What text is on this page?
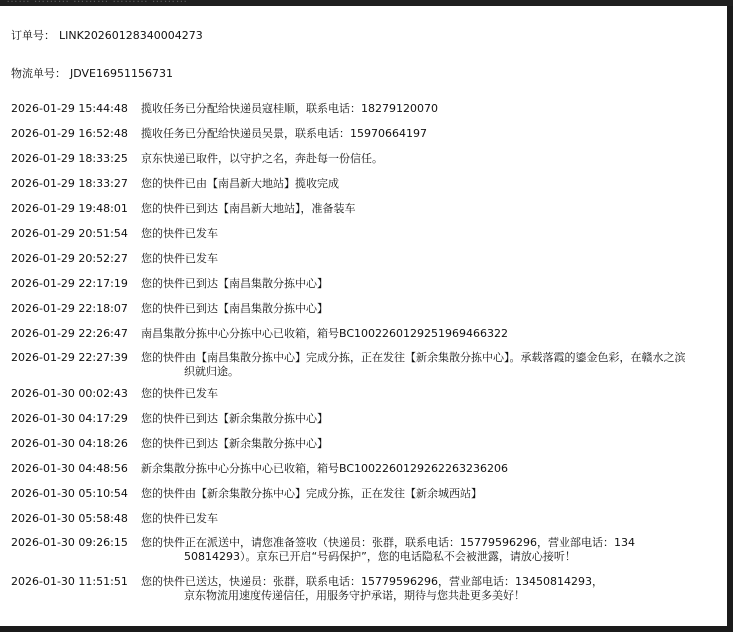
订单号： LINK20260128340004273
物流单号： JDVE16951156731
2026-01-29 15:44:48 揽收任务已分配给快递员寇桂顺，联系电话：18279120070
2026-01-29 16:52:48 揽收任务已分配给快递员吴景，联系电话：15970664197
2026-01-29 18:33:25 京东快递已取件，以守护之名，奔赴每一份信任。
2026-01-29 18:33:27 您的快件已由【南昌新大地站】揽收完成
2026-01-29 19:48:01 您的快件已到达【南昌新大地站】，准备装车
2026-01-29 20:51:54 您的快件已发车
2026-01-29 20:52:27 您的快件已发车
2026-01-29 22:17:19 您的快件已到达【南昌集散分拣中心】
2026-01-29 22:18:07 您的快件已到达【南昌集散分拣中心】
2026-01-29 22:26:47 南昌集散分拣中心分拣中心已收箱，箱号BC1002260129251969466322
2026-01-29 22:27:39 您的快件由【南昌集散分拣中心】完成分拣，正在发往【新余集散分拣中心】。承载落霞的鎏金色彩，在赣水之滨
织就归途。
2026-01-30 00:02:43 您的快件已发车
2026-01-30 04:17:29 您的快件已到达【新余集散分拣中心】
2026-01-30 04:18:26 您的快件已到达【新余集散分拣中心】
2026-01-30 04:48:56 新余集散分拣中心分拣中心已收箱，箱号BC1002260129262263236206
2026-01-30 05:10:54 您的快件由【新余集散分拣中心】完成分拣，正在发往【新余城西站】
2026-01-30 05:58:48 您的快件已发车
2026-01-30 09:26:15 您的快件正在派送中，请您准备签收（快递员：张群，联系电话：15779596296，营业部电话：134
50814293）。京东已开启“号码保护”，您的电话隐私不会被泄露，请放心接听！
2026-01-30 11:51:51 您的快件已送达，快递员：张群，联系电话：15779596296，营业部电话：13450814293，
京东物流用速度传递信任，用服务守护承诺，期待与您共赴更多美好！
